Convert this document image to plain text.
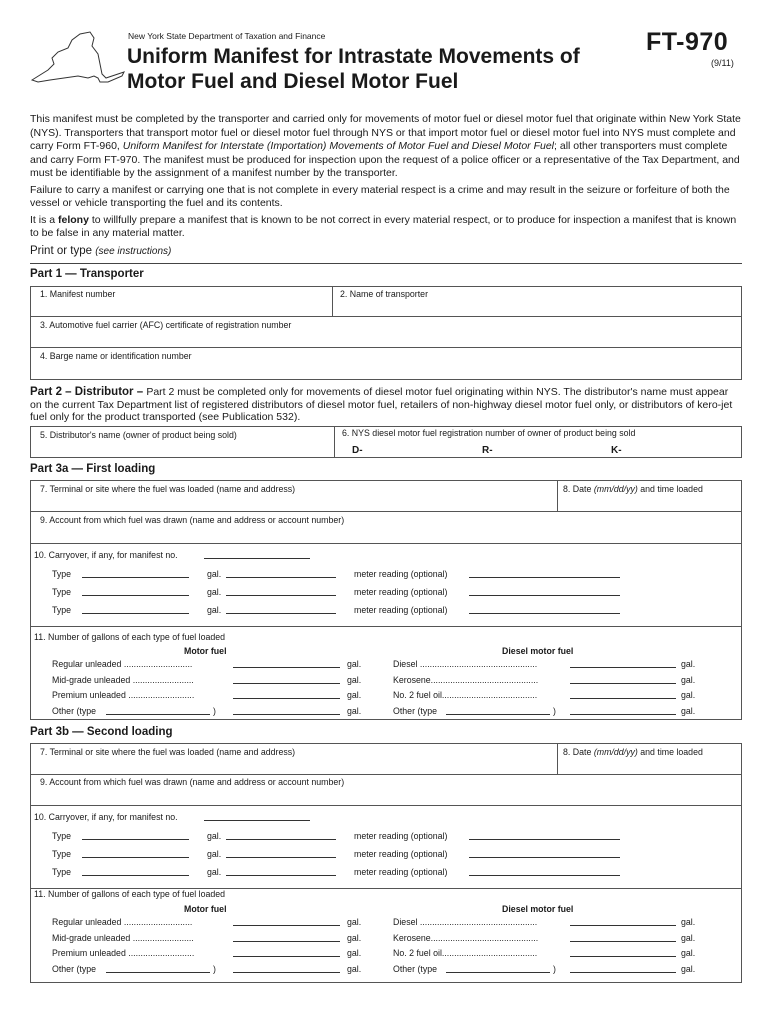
New York State Department of Taxation and Finance
Uniform Manifest for Intrastate Movements of
Motor Fuel and Diesel Motor Fuel
FT-970
(9/11)

This manifest must be completed by the transporter and carried only for movements of motor fuel or diesel motor fuel that originate within New York State (NYS). Transporters that transport motor fuel or diesel motor fuel through NYS or that import motor fuel or diesel motor fuel into NYS must complete and carry Form FT-960, Uniform Manifest for Interstate (Importation) Movements of Motor Fuel and Diesel Motor Fuel; all other transporters must complete and carry Form FT-970. The manifest must be produced for inspection upon the request of a police officer or a representative of the Tax Department, and must be identifiable by the assignment of a manifest number by the transporter.

Failure to carry a manifest or carrying one that is not complete in every material respect is a crime and may result in the seizure or forfeiture of both the vessel or vehicle transporting the fuel and its contents.

It is a felony to willfully prepare a manifest that is known to be not correct in every material respect, or to produce for inspection a manifest that is known to be false in any material matter.

Print or type (see instructions)
Part 1 — Transporter
1. Manifest number	2. Name of transporter
3. Automotive fuel carrier (AFC) certificate of registration number
4. Barge name or identification number
Part 2 – Distributor – Part 2 must be completed only for movements of diesel motor fuel originating within NYS. The distributor's name must appear on the current Tax Department list of registered distributors of diesel motor fuel, retailers of non-highway diesel motor fuel only, or distributors of kero-jet fuel only for the product transported (see Publication 532).
5. Distributor's name (owner of product being sold)	6. NYS diesel motor fuel registration number of owner of product being sold
D-	R-	K-
Part 3a — First loading
7. Terminal or site where the fuel was loaded (name and address)	8. Date (mm/dd/yy) and time loaded
9. Account from which fuel was drawn (name and address or account number)
10. Carryover, if any, for manifest no.
Type	gal.	meter reading (optional)
Type	gal.	meter reading (optional)
Type	gal.	meter reading (optional)
11. Number of gallons of each type of fuel loaded
Motor fuel	Diesel motor fuel
Regular unleaded ............................	gal.	Diesel ................................................	gal.
Mid-grade unleaded .........................	gal.	Kerosene............................................	gal.
Premium unleaded ...........................	gal.	No. 2 fuel oil.......................................	gal.
Other (type	)	gal.	Other (type	)	gal.
Part 3b — Second loading
7. Terminal or site where the fuel was loaded (name and address)	8. Date (mm/dd/yy) and time loaded
9. Account from which fuel was drawn (name and address or account number)
10. Carryover, if any, for manifest no.
Type	gal.	meter reading (optional)
Type	gal.	meter reading (optional)
Type	gal.	meter reading (optional)
11. Number of gallons of each type of fuel loaded
Motor fuel	Diesel motor fuel
Regular unleaded ............................	gal.	Diesel ................................................	gal.
Mid-grade unleaded .........................	gal.	Kerosene............................................	gal.
Premium unleaded ...........................	gal.	No. 2 fuel oil.......................................	gal.
Other (type	)	gal.	Other (type	)	gal.
